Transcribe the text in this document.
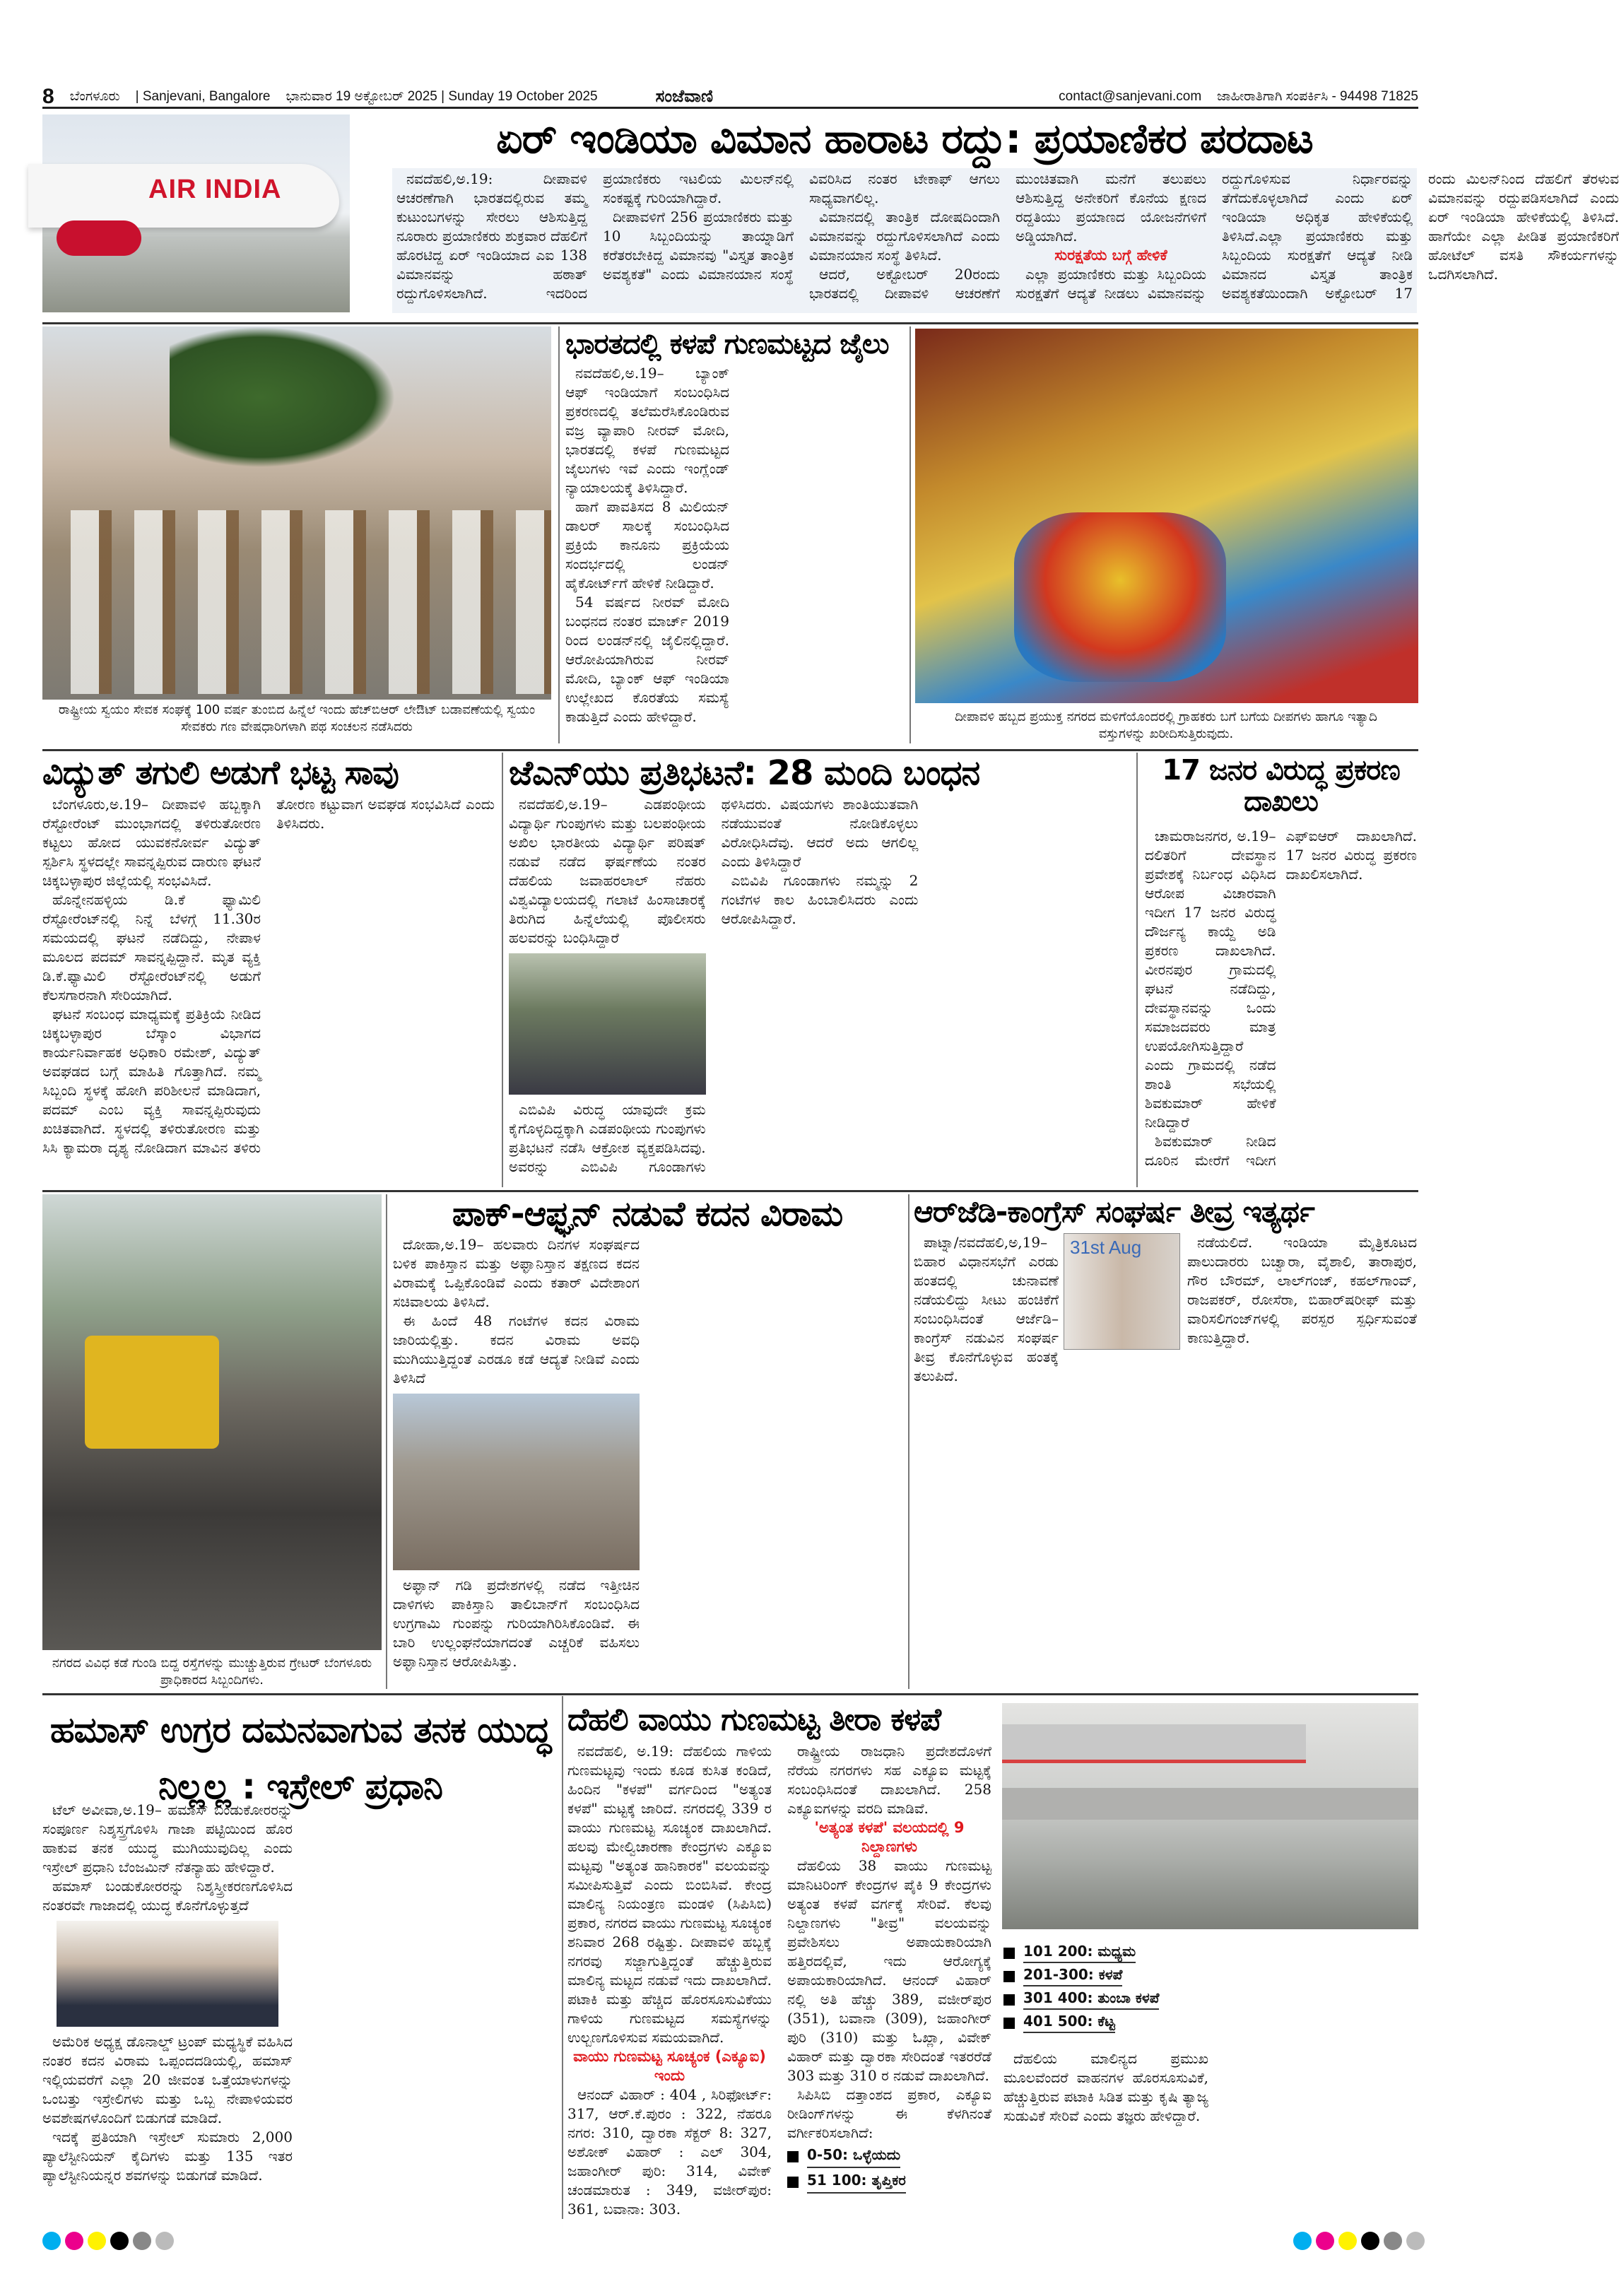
8 ಬೆಂಗಳೂರು | Sanjevani, Bangalore ಭಾನುವಾರ 19 ಅಕ್ಟೋಬರ್ 2025 | Sunday 19 October 2025	ಸಂಜೆವಾಣಿ	contact@sanjevani.com ಜಾಹೀರಾತಿಗಾಗಿ ಸಂಪರ್ಕಿಸಿ - 94498 71825
AIR INDIA
ಏರ್ ಇಂಡಿಯಾ ವಿಮಾನ ಹಾರಾಟ ರದ್ದು: ಪ್ರಯಾಣಿಕರ ಪರದಾಟ

ನವದೆಹಲಿ,ಅ.19: ದೀಪಾವಳಿ ಆಚರಣೆಗಾಗಿ ಭಾರತದಲ್ಲಿರುವ ತಮ್ಮ ಕುಟುಂಬಗಳನ್ನು ಸೇರಲು ಆಶಿಸುತ್ತಿದ್ದ ನೂರಾರು ಪ್ರಯಾಣಿಕರು ಶುಕ್ರವಾರ ದೆಹಲಿಗೆ ಹೊರಟಿದ್ದ ಏರ್ ಇಂಡಿಯಾದ ಎಐ 138 ವಿಮಾನವನ್ನು ಹಠಾತ್ ರದ್ದುಗೊಳಿಸಲಾಗಿದೆ. ಇದರಿಂದ ಪ್ರಯಾಣಿಕರು ಇಟಲಿಯ ಮಿಲನ್‌ನಲ್ಲಿ ಸಂಕಷ್ಟಕ್ಕೆ ಗುರಿಯಾಗಿದ್ದಾರೆ.

ದೀಪಾವಳಿಗೆ 256 ಪ್ರಯಾಣಿಕರು ಮತ್ತು 10 ಸಿಬ್ಬಂದಿಯನ್ನು ತಾಯ್ನಾಡಿಗೆ ಕರೆತರಬೇಕಿದ್ದ ವಿಮಾನವು "ವಿಸ್ತೃತ ತಾಂತ್ರಿಕ ಅವಶ್ಯಕತೆ" ಎಂದು ವಿಮಾನಯಾನ ಸಂಸ್ಥೆ ವಿವರಿಸಿದ ನಂತರ ಟೇಕಾಫ್ ಆಗಲು ಸಾಧ್ಯವಾಗಲಿಲ್ಲ.

ವಿಮಾನದಲ್ಲಿ ತಾಂತ್ರಿಕ ದೋಷದಿಂದಾಗಿ ವಿಮಾನವನ್ನು ರದ್ದುಗೊಳಿಸಲಾಗಿದೆ ಎಂದು ವಿಮಾನಯಾನ ಸಂಸ್ಥೆ ತಿಳಿಸಿದೆ.

ಆದರೆ, ಅಕ್ಟೋಬರ್ 20ರಂದು ಭಾರತದಲ್ಲಿ ದೀಪಾವಳಿ ಆಚರಣೆಗೆ ಮುಂಚಿತವಾಗಿ ಮನೆಗೆ ತಲುಪಲು ಆಶಿಸುತ್ತಿದ್ದ ಅನೇಕರಿಗೆ ಕೊನೆಯ ಕ್ಷಣದ ರದ್ದತಿಯು ಪ್ರಯಾಣದ ಯೋಜನೆಗಳಿಗೆ ಅಡ್ಡಿಯಾಗಿದೆ.

ಸುರಕ್ಷತೆಯ ಬಗ್ಗೆ ಹೇಳಿಕೆ

ಎಲ್ಲಾ ಪ್ರಯಾಣಿಕರು ಮತ್ತು ಸಿಬ್ಬಂದಿಯ ಸುರಕ್ಷತೆಗೆ ಆದ್ಯತೆ ನೀಡಲು ವಿಮಾನವನ್ನು ರದ್ದುಗೊಳಿಸುವ ನಿರ್ಧಾರವನ್ನು ತೆಗೆದುಕೊಳ್ಳಲಾಗಿದೆ ಎಂದು ಏರ್ ಇಂಡಿಯಾ ಅಧಿಕೃತ ಹೇಳಿಕೆಯಲ್ಲಿ ತಿಳಿಸಿದೆ.ಎಲ್ಲಾ ಪ್ರಯಾಣಿಕರು ಮತ್ತು ಸಿಬ್ಬಂದಿಯ ಸುರಕ್ಷತೆಗೆ ಆದ್ಯತೆ ನೀಡಿ ವಿಮಾನದ ವಿಸ್ತೃತ ತಾಂತ್ರಿಕ ಅವಶ್ಯಕತೆಯಿಂದಾಗಿ ಅಕ್ಟೋಬರ್ 17 ರಂದು ಮಿಲನ್‌ನಿಂದ ದೆಹಲಿಗೆ ತೆರಳುವ ವಿಮಾನವನ್ನು ರದ್ದುಪಡಿಸಲಾಗಿದೆ ಎಂದು ಏರ್ ಇಂಡಿಯಾ ಹೇಳಿಕೆಯಲ್ಲಿ ತಿಳಿಸಿದೆ. ಹಾಗೆಯೇ ಎಲ್ಲಾ ಪೀಡಿತ ಪ್ರಯಾಣಿಕರಿಗೆ ಹೋಟೆಲ್ ವಸತಿ ಸೌಕರ್ಯಗಳನ್ನು ಒದಗಿಸಲಾಗಿದೆ.

ರಾಷ್ಟ್ರೀಯ ಸ್ವಯಂ ಸೇವಕ ಸಂಘಕ್ಕೆ 100 ವರ್ಷ ತುಂಬಿದ ಹಿನ್ನೆಲೆ ಇಂದು ಹೆಚ್‌ಬಿಆರ್ ಲೇಔಟ್ ಬಡಾವಣೆಯಲ್ಲಿ ಸ್ವಯಂ ಸೇವಕರು ಗಣ ವೇಷಧಾರಿಗಳಾಗಿ ಪಥ ಸಂಚಲನ ನಡೆಸಿದರು
ಭಾರತದಲ್ಲಿ ಕಳಪೆ ಗುಣಮಟ್ಟದ ಜೈಲು

ನವದೆಹಲಿ,ಅ.19– ಬ್ಯಾಂಕ್ ಆಫ್ ಇಂಡಿಯಾಗೆ ಸಂಬಂಧಿಸಿದ ಪ್ರಕರಣದಲ್ಲಿ ತಲೆಮರೆಸಿಕೊಂಡಿರುವ ವಜ್ರ ವ್ಯಾಪಾರಿ ನೀರವ್ ಮೋದಿ, ಭಾರತದಲ್ಲಿ ಕಳಪೆ ಗುಣಮಟ್ಟದ ಜೈಲುಗಳು ಇವೆ ಎಂದು ಇಂಗ್ಲೆಂಡ್ ನ್ಯಾಯಾಲಯಕ್ಕೆ ತಿಳಿಸಿದ್ದಾರೆ.

ಹಾಗೆ ಪಾವತಿಸದ 8 ಮಿಲಿಯನ್ ಡಾಲರ್ ಸಾಲಕ್ಕೆ ಸಂಬಂಧಿಸಿದ ಪ್ರಕ್ರಿಯೆ ಕಾನೂನು ಪ್ರಕ್ರಿಯೆಯ ಸಂದರ್ಭದಲ್ಲಿ ಲಂಡನ್ ಹೈಕೋರ್ಟ್‌ಗೆ ಹೇಳಿಕೆ ನೀಡಿದ್ದಾರೆ.

54 ವರ್ಷದ ನೀರವ್ ಮೋದಿ ಬಂಧನದ ನಂತರ ಮಾರ್ಚ್ 2019 ರಿಂದ ಲಂಡನ್‌ನಲ್ಲಿ ಜೈಲಿನಲ್ಲಿದ್ದಾರೆ. ಆರೋಪಿಯಾಗಿರುವ ನೀರವ್ ಮೋದಿ, ಬ್ಯಾಂಕ್ ಆಫ್ ಇಂಡಿಯಾ ಉಲ್ಲೇಖದ ಕೊರತೆಯ ಸಮಸ್ಯೆ ಕಾಡುತ್ತಿದೆ ಎಂದು ಹೇಳಿದ್ದಾರೆ.	ದೀಪಾವಳಿ ಹಬ್ಬದ ಪ್ರಯುಕ್ತ ನಗರದ ಮಳಿಗೆಯೊಂದರಲ್ಲಿ ಗ್ರಾಹಕರು ಬಗೆ ಬಗೆಯ ದೀಪಗಳು ಹಾಗೂ ಇತ್ಯಾದಿ ವಸ್ತುಗಳನ್ನು ಖರೀದಿಸುತ್ತಿರುವುದು.
ವಿದ್ಯುತ್ ತಗುಲಿ ಅಡುಗೆ ಭಟ್ಟ ಸಾವು

ಬೆಂಗಳೂರು,ಅ.19– ದೀಪಾವಳಿ ಹಬ್ಬಕ್ಕಾಗಿ ರೆಸ್ಟೋರೆಂಟ್ ಮುಂಭಾಗದಲ್ಲಿ ತಳಿರುತೋರಣ ಕಟ್ಟಲು ಹೋದ ಯುವಕನೋರ್ವ ವಿದ್ಯುತ್ ಸ್ಪರ್ಶಿಸಿ ಸ್ಥಳದಲ್ಲೇ ಸಾವನ್ನಪ್ಪಿರುವ ದಾರುಣ ಘಟನೆ ಚಿಕ್ಕಬಳ್ಳಾಪುರ ಜಿಲ್ಲೆಯಲ್ಲಿ ಸಂಭವಿಸಿದೆ.

ಹೊನ್ನೇನಹಳ್ಳಿಯ ಡಿ.ಕೆ ಫ್ಯಾಮಿಲಿ ರೆಸ್ಟೋರೆಂಟ್‌ನಲ್ಲಿ ನಿನ್ನೆ ಬೆಳಗ್ಗೆ 11.30ರ ಸಮಯದಲ್ಲಿ ಘಟನೆ ನಡೆದಿದ್ದು, ನೇಪಾಳ ಮೂಲದ ಪದಮ್ ಸಾವನ್ನಪ್ಪಿದ್ದಾನೆ. ಮೃತ ವ್ಯಕ್ತಿ ಡಿ.ಕೆ.ಫ್ಯಾಮಿಲಿ ರೆಸ್ಟೋರೆಂಟ್‌ನಲ್ಲಿ ಅಡುಗೆ ಕೆಲಸಗಾರನಾಗಿ ಸೇರಿಯಾಗಿದೆ.

ಘಟನೆ ಸಂಬಂಧ ಮಾಧ್ಯಮಕ್ಕೆ ಪ್ರತಿಕ್ರಿಯೆ ನೀಡಿದ ಚಿಕ್ಕಬಳ್ಳಾಪುರ ಬೆಸ್ಕಾಂ ವಿಭಾಗದ ಕಾರ್ಯನಿರ್ವಾಹಕ ಅಧಿಕಾರಿ ರಮೇಶ್, ವಿದ್ಯುತ್ ಅವಘಡದ ಬಗ್ಗೆ ಮಾಹಿತಿ ಗೊತ್ತಾಗಿದೆ. ನಮ್ಮ ಸಿಬ್ಬಂದಿ ಸ್ಥಳಕ್ಕೆ ಹೋಗಿ ಪರಿಶೀಲನೆ ಮಾಡಿದಾಗ, ಪದಮ್ ಎಂಬ ವ್ಯಕ್ತಿ ಸಾವನ್ನಪ್ಪಿರುವುದು ಖಚಿತವಾಗಿದೆ. ಸ್ಥಳದಲ್ಲಿ ತಳಿರುತೋರಣ ಮತ್ತು ಸಿಸಿ ಕ್ಯಾಮರಾ ದೃಶ್ಯ ನೋಡಿದಾಗ ಮಾವಿನ ತಳಿರು ತೋರಣ ಕಟ್ಟುವಾಗ ಅವಘಡ ಸಂಭವಿಸಿದೆ ಎಂದು ತಿಳಿಸಿದರು.

ಜೆಎನ್‌ಯು ಪ್ರತಿಭಟನೆ: 28 ಮಂದಿ ಬಂಧನ

ನವದೆಹಲಿ,ಅ.19– ಎಡಪಂಥೀಯ ವಿದ್ಯಾರ್ಥಿ ಗುಂಪುಗಳು ಮತ್ತು ಬಲಪಂಥೀಯ ಅಖಿಲ ಭಾರತೀಯ ವಿದ್ಯಾರ್ಥಿ ಪರಿಷತ್ ನಡುವೆ ನಡೆದ ಘರ್ಷಣೆಯ ನಂತರ ದೆಹಲಿಯ ಜವಾಹರಲಾಲ್ ನೆಹರು ವಿಶ್ವವಿದ್ಯಾಲಯದಲ್ಲಿ ಗಲಾಟೆ ಹಿಂಸಾಚಾರಕ್ಕೆ ತಿರುಗಿದ ಹಿನ್ನೆಲೆಯಲ್ಲಿ ಪೊಲೀಸರು ಹಲವರನ್ನು ಬಂಧಿಸಿದ್ದಾರೆ

ಎಬಿವಿಪಿ ವಿರುದ್ಧ ಯಾವುದೇ ಕ್ರಮ ಕೈಗೊಳ್ಳದಿದ್ದಕ್ಕಾಗಿ ಎಡಪಂಥೀಯ ಗುಂಪುಗಳು ಪ್ರತಿಭಟನೆ ನಡೆಸಿ ಆಕ್ರೋಶ ವ್ಯಕ್ತಪಡಿಸಿದವು. ಅವರನ್ನು ಎಬಿವಿಪಿ ಗೂಂಡಾಗಳು ಥಳಿಸಿದರು. ವಿಷಯಗಳು ಶಾಂತಿಯುತವಾಗಿ ನಡೆಯುವಂತೆ ನೋಡಿಕೊಳ್ಳಲು ವಿರೋಧಿಸಿದೆವು. ಆದರೆ ಅದು ಆಗಲಿಲ್ಲ ಎಂದು ತಿಳಿಸಿದ್ದಾರೆ

ಎಬಿವಿಪಿ ಗೂಂಡಾಗಳು ನಮ್ಮನ್ನು 2 ಗಂಟೆಗಳ ಕಾಲ ಹಿಂಬಾಲಿಸಿದರು ಎಂದು ಆರೋಪಿಸಿದ್ದಾರೆ.

17 ಜನರ ವಿರುದ್ಧ ಪ್ರಕರಣ ದಾಖಲು

ಚಾಮರಾಜನಗರ, ಅ.19– ದಲಿತರಿಗೆ ದೇವಸ್ಥಾನ ಪ್ರವೇಶಕ್ಕೆ ನಿರ್ಬಂಧ ವಿಧಿಸಿದ ಆರೋಪ ವಿಚಾರವಾಗಿ ಇದೀಗ 17 ಜನರ ವಿರುದ್ಧ ದೌರ್ಜನ್ಯ ಕಾಯ್ದೆ ಅಡಿ ಪ್ರಕರಣ ದಾಖಲಾಗಿದೆ. ವೀರನಪುರ ಗ್ರಾಮದಲ್ಲಿ ಘಟನೆ ನಡೆದಿದ್ದು, ದೇವಸ್ಥಾನವನ್ನು ಒಂದು ಸಮಾಜದವರು ಮಾತ್ರ ಉಪಯೋಗಿಸುತ್ತಿದ್ದಾರೆ ಎಂದು ಗ್ರಾಮದಲ್ಲಿ ನಡೆದ ಶಾಂತಿ ಸಭೆಯಲ್ಲಿ ಶಿವಕುಮಾರ್ ಹೇಳಿಕೆ ನೀಡಿದ್ದಾರೆ

ಶಿವಕುಮಾರ್ ನೀಡಿದ ದೂರಿನ ಮೇರೆಗೆ ಇದೀಗ ಎಫ್‌ಐಆರ್ ದಾಖಲಾಗಿದೆ. 17 ಜನರ ವಿರುದ್ಧ ಪ್ರಕರಣ ದಾಖಲಿಸಲಾಗಿದೆ.

ನಗರದ ವಿವಿಧ ಕಡೆ ಗುಂಡಿ ಬಿದ್ದ ರಸ್ತೆಗಳನ್ನು ಮುಚ್ಚುತ್ತಿರುವ ಗ್ರೇಟರ್ ಬೆಂಗಳೂರು ಪ್ರಾಧಿಕಾರದ ಸಿಬ್ಬಂದಿಗಳು.
ಪಾಕ್-ಆಫ್ಘನ್ ನಡುವೆ ಕದನ ವಿರಾಮ

ದೋಹಾ,ಅ.19– ಹಲವಾರು ದಿನಗಳ ಸಂಘರ್ಷದ ಬಳಿಕ ಪಾಕಿಸ್ತಾನ ಮತ್ತು ಅಫ್ಘಾನಿಸ್ತಾನ ತಕ್ಷಣದ ಕದನ ವಿರಾಮಕ್ಕೆ ಒಪ್ಪಿಕೊಂಡಿವೆ ಎಂದು ಕತಾರ್ ವಿದೇಶಾಂಗ ಸಚಿವಾಲಯ ತಿಳಿಸಿದೆ.

ಈ ಹಿಂದೆ 48 ಗಂಟೆಗಳ ಕದನ ವಿರಾಮ ಜಾರಿಯಲ್ಲಿತ್ತು. ಕದನ ವಿರಾಮ ಅವಧಿ ಮುಗಿಯುತ್ತಿದ್ದಂತೆ ಎರಡೂ ಕಡೆ ಆದ್ಯತೆ ನೀಡಿವೆ ಎಂದು ತಿಳಿಸಿದೆ

ಅಫ್ಘಾನ್ ಗಡಿ ಪ್ರದೇಶಗಳಲ್ಲಿ ನಡೆದ ಇತ್ತೀಚಿನ ದಾಳಿಗಳು ಪಾಕಿಸ್ತಾನಿ ತಾಲಿಬಾನ್‌ಗೆ ಸಂಬಂಧಿಸಿದ ಉಗ್ರಗಾಮಿ ಗುಂಪನ್ನು ಗುರಿಯಾಗಿರಿಸಿಕೊಂಡಿವೆ. ಈ ಬಾರಿ ಉಲ್ಲಂಘನೆಯಾಗದಂತೆ ಎಚ್ಚರಿಕೆ ವಹಿಸಲು ಅಫ್ಘಾನಿಸ್ತಾನ ಆರೋಪಿಸಿತ್ತು.

ಆರ್‌ಜೆಡಿ-ಕಾಂಗ್ರೆಸ್ ಸಂಘರ್ಷ ತೀವ್ರ ಇತ್ಯರ್ಥ
31st Aug

ಪಾಟ್ನಾ/ನವದೆಹಲಿ,ಅ,19– ಬಿಹಾರ ವಿಧಾನಸಭೆಗೆ ಎರಡು ಹಂತದಲ್ಲಿ ಚುನಾವಣೆ ನಡೆಯಲಿದ್ದು ಸೀಟು ಹಂಚಿಕೆಗೆ ಸಂಬಂಧಿಸಿದಂತೆ ಆರ್ಜೆಡಿ–ಕಾಂಗ್ರೆಸ್ ನಡುವಿನ ಸಂಘರ್ಷ ತೀವ್ರ ಕೊನೆಗೊಳ್ಳುವ ಹಂತಕ್ಕೆ ತಲುಪಿದೆ.

ನಡೆಯಲಿದೆ. ಇಂಡಿಯಾ ಮೈತ್ರಿಕೂಟದ ಪಾಲುದಾರರು ಬಚ್ವಾರಾ, ವೈಶಾಲಿ, ತಾರಾಪುರ, ಗೌರ ಬೌರಮ್, ಲಾಲ್‌ಗಂಜ್, ಕಹಲ್‌ಗಾಂವ್, ರಾಜಪಕರ್, ರೋಸೆರಾ, ಬಿಹಾರ್‌ಷರೀಫ್ ಮತ್ತು ವಾರಿಸಲಿಗಂಜ್‌ಗಳಲ್ಲಿ ಪರಸ್ಪರ ಸ್ಪರ್ಧಿಸುವಂತೆ ಕಾಣುತ್ತಿದ್ದಾರೆ.

ಹಮಾಸ್ ಉಗ್ರರ ದಮನವಾಗುವ ತನಕ ಯುದ್ಧ ನಿಲ್ಲಲ್ಲ : ಇಸ್ರೇಲ್ ಪ್ರಧಾನಿ

ಟೆಲ್ ಅವೀವಾ,ಅ.19– ಹಮಾಸ್ ಬಂಡುಕೋರರನ್ನು ಸಂಪೂರ್ಣ ನಿಶ್ಶಸ್ತ್ರಗೊಳಿಸಿ ಗಾಜಾ ಪಟ್ಟಿಯಿಂದ ಹೊರ ಹಾಕುವ ತನಕ ಯುದ್ಧ ಮುಗಿಯುವುದಿಲ್ಲ ಎಂದು ಇಸ್ರೇಲ್ ಪ್ರಧಾನಿ ಬೆಂಜಮಿನ್ ನೆತನ್ಯಾಹು ಹೇಳಿದ್ದಾರೆ.

ಹಮಾಸ್ ಬಂಡುಕೋರರನ್ನು ನಿಶ್ಶಸ್ತ್ರೀಕರಣಗೊಳಿಸಿದ ನಂತರವೇ ಗಾಜಾದಲ್ಲಿ ಯುದ್ಧ ಕೊನೆಗೊಳ್ಳುತ್ತದೆ

ಅಮೆರಿಕ ಅಧ್ಯಕ್ಷ ಡೊನಾಲ್ಡ್ ಟ್ರಂಪ್ ಮಧ್ಯಸ್ಥಿಕೆ ವಹಿಸಿದ ನಂತರ ಕದನ ವಿರಾಮ ಒಪ್ಪಂದದಡಿಯಲ್ಲಿ, ಹಮಾಸ್ ಇಲ್ಲಿಯವರೆಗೆ ಎಲ್ಲಾ 20 ಜೀವಂತ ಒತ್ತೆಯಾಳುಗಳನ್ನು ಒಂಬತ್ತು ಇಸ್ರೇಲಿಗಳು ಮತ್ತು ಒಬ್ಬ ನೇಪಾಳಿಯವರ ಅವಶೇಷಗಳೊಂದಿಗೆ ಬಿಡುಗಡೆ ಮಾಡಿದೆ.

ಇದಕ್ಕೆ ಪ್ರತಿಯಾಗಿ ಇಸ್ರೇಲ್ ಸುಮಾರು 2,000 ಪ್ಯಾಲೆಸ್ಟೀನಿಯನ್ ಕೈದಿಗಳು ಮತ್ತು 135 ಇತರ ಪ್ಯಾಲೆಸ್ಟೀನಿಯನ್ನರ ಶವಗಳನ್ನು ಬಿಡುಗಡೆ ಮಾಡಿದೆ.

ದೆಹಲಿ ವಾಯು ಗುಣಮಟ್ಟ ತೀರಾ ಕಳಪೆ

ನವದೆಹಲಿ, ಅ.19: ದೆಹಲಿಯ ಗಾಳಿಯ ಗುಣಮಟ್ಟವು ಇಂದು ಕೂಡ ಕುಸಿತ ಕಂಡಿದೆ, ಹಿಂದಿನ "ಕಳಪೆ" ವರ್ಗದಿಂದ "ಅತ್ಯಂತ ಕಳಪೆ" ಮಟ್ಟಕ್ಕೆ ಜಾರಿದೆ. ನಗರದಲ್ಲಿ 339 ರ ವಾಯು ಗುಣಮಟ್ಟ ಸೂಚ್ಯಂಕ ದಾಖಲಾಗಿದೆ. ಹಲವು ಮೇಲ್ವಿಚಾರಣಾ ಕೇಂದ್ರಗಳು ಎಕ್ಯೂಐ ಮಟ್ಟವು "ಅತ್ಯಂತ ಹಾನಿಕಾರಕ" ವಲಯವನ್ನು ಸಮೀಪಿಸುತ್ತಿವೆ ಎಂದು ಬಿಂಬಿಸಿವೆ. ಕೇಂದ್ರ ಮಾಲಿನ್ಯ ನಿಯಂತ್ರಣ ಮಂಡಳಿ (ಸಿಪಿಸಿಬಿ) ಪ್ರಕಾರ, ನಗರದ ವಾಯು ಗುಣಮಟ್ಟ ಸೂಚ್ಯಂಕ ಶನಿವಾರ 268 ರಷ್ಟಿತ್ತು. ದೀಪಾವಳಿ ಹಬ್ಬಕ್ಕೆ ನಗರವು ಸಜ್ಜಾಗುತ್ತಿದ್ದಂತೆ ಹೆಚ್ಚುತ್ತಿರುವ ಮಾಲಿನ್ಯ ಮಟ್ಟದ ನಡುವೆ ಇದು ದಾಖಲಾಗಿದೆ. ಪಟಾಕಿ ಮತ್ತು ಹೆಚ್ಚಿದ ಹೊರಸೂಸುವಿಕೆಯು ಗಾಳಿಯ ಗುಣಮಟ್ಟದ ಸಮಸ್ಯೆಗಳನ್ನು ಉಲ್ಬಣಗೊಳಿಸುವ ಸಮಯವಾಗಿದೆ.

ವಾಯು ಗುಣಮಟ್ಟ ಸೂಚ್ಯಂಕ (ಎಕ್ಯೂಐ) ಇಂದು

ಆನಂದ್ ವಿಹಾರ್ : 404 , ಸಿರಿಫೋರ್ಟ್: 317, ಆರ್.ಕೆ.ಪುರಂ : 322, ನೆಹರೂ ನಗರ: 310, ದ್ವಾರಕಾ ಸೆಕ್ಟರ್ 8: 327, ಅಶೋಕ್ ವಿಹಾರ್ : ಎಲ್ 304, ಜಹಾಂಗೀರ್ ಪುರಿ: 314, ವಿವೇಕ್ ಚಂಡಮಾರುತ : 349, ವಜೀರ್‌ಪುರ: 361, ಬವಾನಾ: 303.

ರಾಷ್ಟ್ರೀಯ ರಾಜಧಾನಿ ಪ್ರದೇಶದೊಳಗೆ ನೆರೆಯ ನಗರಗಳು ಸಹ ಎಕ್ಯೂಐ ಮಟ್ಟಕ್ಕೆ ಸಂಬಂಧಿಸಿದಂತೆ ದಾಖಲಾಗಿದೆ. 258 ಎಕ್ಯೂಐಗಳನ್ನು ವರದಿ ಮಾಡಿವೆ.

'ಅತ್ಯಂತ ಕಳಪೆ' ವಲಯದಲ್ಲಿ 9 ನಿಲ್ದಾಣಗಳು

ದೆಹಲಿಯ 38 ವಾಯು ಗುಣಮಟ್ಟ ಮಾನಿಟರಿಂಗ್ ಕೇಂದ್ರಗಳ ಪೈಕಿ 9 ಕೇಂದ್ರಗಳು ಅತ್ಯಂತ ಕಳಪೆ ವರ್ಗಕ್ಕೆ ಸೇರಿವೆ. ಕೆಲವು ನಿಲ್ದಾಣಗಳು "ತೀವ್ರ" ವಲಯವನ್ನು ಪ್ರವೇಶಿಸಲು ಅಪಾಯಕಾರಿಯಾಗಿ ಹತ್ತಿರದಲ್ಲಿವೆ, ಇದು ಆರೋಗ್ಯಕ್ಕೆ ಅಪಾಯಕಾರಿಯಾಗಿದೆ. ಆನಂದ್ ವಿಹಾರ್ ನಲ್ಲಿ ಅತಿ ಹೆಚ್ಚು 389, ವಜೀರ್‌ಪುರ (351), ಬವಾನಾ (309), ಜಹಾಂಗೀರ್ ಪುರಿ (310) ಮತ್ತು ಓಖ್ಲಾ, ವಿವೇಕ್ ವಿಹಾರ್ ಮತ್ತು ದ್ವಾರಕಾ ಸೇರಿದಂತೆ ಇತರರೆಡೆ 303 ಮತ್ತು 310 ರ ನಡುವೆ ದಾಖಲಾಗಿದೆ.

ಸಿಪಿಸಿಬಿ ದತ್ತಾಂಶದ ಪ್ರಕಾರ, ಎಕ್ಯೂಐ ರೀಡಿಂಗ್‌ಗಳನ್ನು ಈ ಕೆಳಗಿನಂತೆ ವರ್ಗೀಕರಿಸಲಾಗಿದೆ:

0-50: ಒಳ್ಳೆಯದು
51 100: ತೃಪ್ತಿಕರ
101 200: ಮಧ್ಯಮ
201-300: ಕಳಪೆ
301 400: ತುಂಬಾ ಕಳಪೆ
401 500: ಕೆಟ್ಟ

ದೆಹಲಿಯ ಮಾಲಿನ್ಯದ ಪ್ರಮುಖ ಮೂಲವೆಂದರೆ ವಾಹನಗಳ ಹೊರಸೂಸುವಿಕೆ, ಹೆಚ್ಚುತ್ತಿರುವ ಪಟಾಕಿ ಸಿಡಿತ ಮತ್ತು ಕೃಷಿ ತ್ಯಾಜ್ಯ ಸುಡುವಿಕೆ ಸೇರಿವೆ ಎಂದು ತಜ್ಞರು ಹೇಳಿದ್ದಾರೆ.
